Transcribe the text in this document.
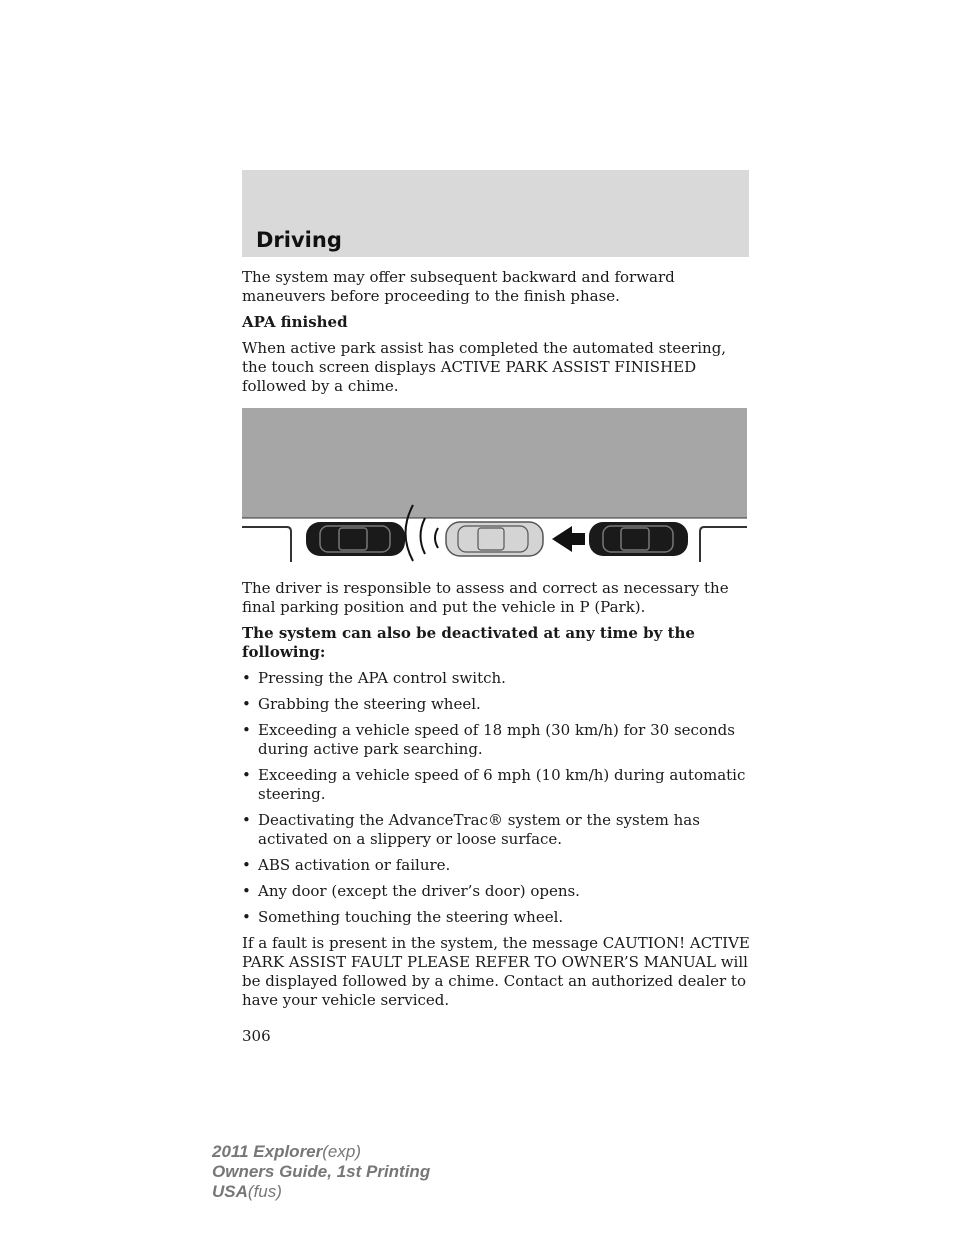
Driving

The system may offer subsequent backward and forward maneuvers before proceeding to the finish phase.

APA finished

When active park assist has completed the automated steering, the touch screen displays ACTIVE PARK ASSIST FINISHED followed by a chime.

The driver is responsible to assess and correct as necessary the final parking position and put the vehicle in P (Park).

The system can also be deactivated at any time by the following:

• Pressing the APA control switch.
• Grabbing the steering wheel.
• Exceeding a vehicle speed of 18 mph (30 km/h) for 30 seconds during active park searching.
• Exceeding a vehicle speed of 6 mph (10 km/h) during automatic steering.
• Deactivating the AdvanceTrac® system or the system has activated on a slippery or loose surface.
• ABS activation or failure.
• Any door (except the driver’s door) opens.
• Something touching the steering wheel.

If a fault is present in the system, the message CAUTION! ACTIVE PARK ASSIST FAULT PLEASE REFER TO OWNER’S MANUAL will be displayed followed by a chime. Contact an authorized dealer to have your vehicle serviced.

306
2011 Explorer(exp)
Owners Guide, 1st Printing
USA(fus)
